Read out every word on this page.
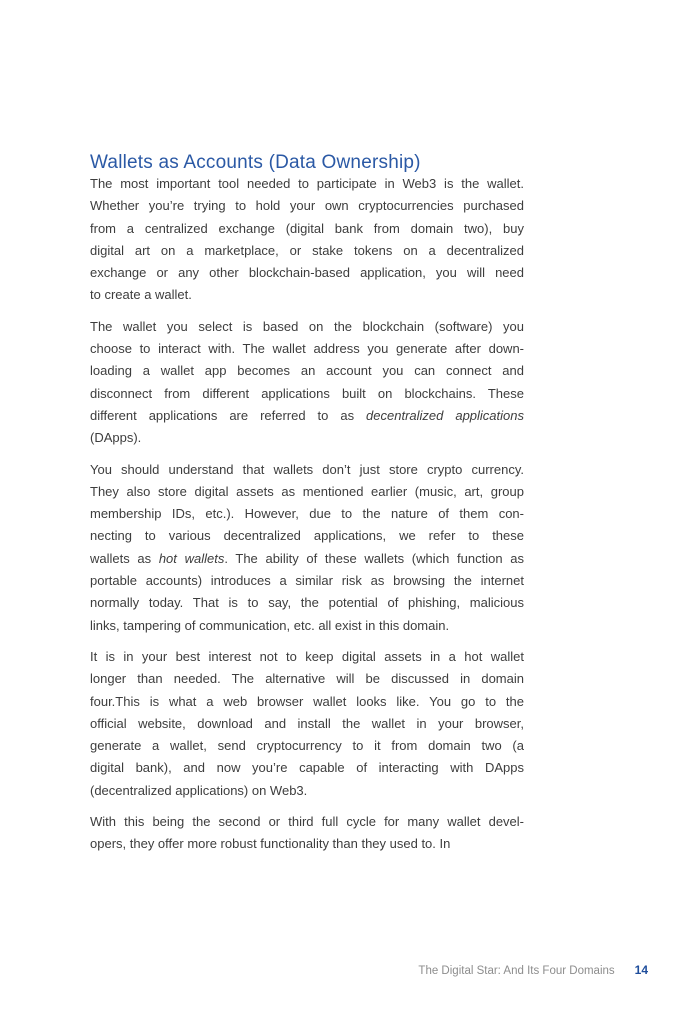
Wallets as Accounts (Data Ownership)
The most important tool needed to participate in Web3 is the wallet.
Whether you’re trying to hold your own cryptocurrencies purchased
from a centralized exchange (digital bank from domain two), buy
digital art on a marketplace, or stake tokens on a decentralized
exchange or any other blockchain-based application, you will need
to create a wallet.
The wallet you select is based on the blockchain (software) you
choose to interact with. The wallet address you generate after down-
loading a wallet app becomes an account you can connect and
disconnect from different applications built on blockchains. These
different applications are referred to as decentralized applications
(DApps).
You should understand that wallets don’t just store crypto currency.
They also store digital assets as mentioned earlier (music, art, group
membership IDs, etc.). However, due to the nature of them con-
necting to various decentralized applications, we refer to these
wallets as hot wallets. The ability of these wallets (which function as
portable accounts) introduces a similar risk as browsing the internet
normally today. That is to say, the potential of phishing, malicious
links, tampering of communication, etc. all exist in this domain.
It is in your best interest not to keep digital assets in a hot wallet
longer than needed. The alternative will be discussed in domain
four.This is what a web browser wallet looks like. You go to the
official website, download and install the wallet in your browser,
generate a wallet, send cryptocurrency to it from domain two (a
digital bank), and now you’re capable of interacting with DApps
(decentralized applications) on Web3.
With this being the second or third full cycle for many wallet devel-
opers, they offer more robust functionality than they used to. In
The Digital Star: And Its Four Domains 14
